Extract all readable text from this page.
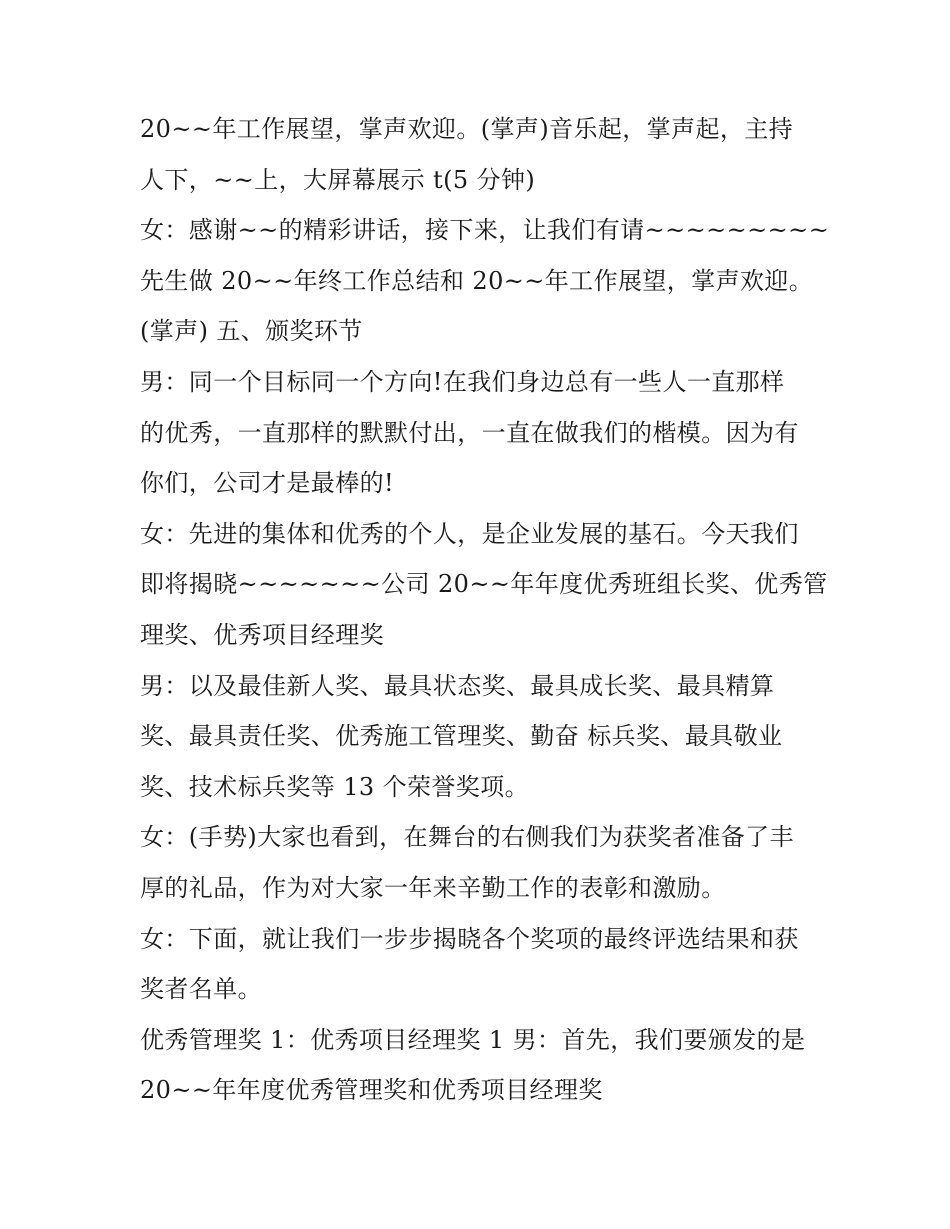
20~~年工作展望，掌声欢迎。(掌声)音乐起，掌声起，主持
人下，~~上，大屏幕展示 t(5 分钟)
女：感谢~~的精彩讲话，接下来，让我们有请~~~~~~~~~
先生做 20~~年终工作总结和 20~~年工作展望，掌声欢迎。
(掌声) 五、颁奖环节
男：同一个目标同一个方向!在我们身边总有一些人一直那样
的优秀，一直那样的默默付出，一直在做我们的楷模。因为有
你们，公司才是最棒的!
女：先进的集体和优秀的个人，是企业发展的基石。今天我们
即将揭晓~~~~~~~公司 20~~年年度优秀班组长奖、优秀管
理奖、优秀项目经理奖
男：以及最佳新人奖、最具状态奖、最具成长奖、最具精算
奖、最具责任奖、优秀施工管理奖、勤奋 标兵奖、最具敬业
奖、技术标兵奖等 13 个荣誉奖项。
女：(手势)大家也看到，在舞台的右侧我们为获奖者准备了丰
厚的礼品，作为对大家一年来辛勤工作的表彰和激励。
女：下面，就让我们一步步揭晓各个奖项的最终评选结果和获
奖者名单。
优秀管理奖 1：优秀项目经理奖 1 男：首先，我们要颁发的是
20~~年年度优秀管理奖和优秀项目经理奖
